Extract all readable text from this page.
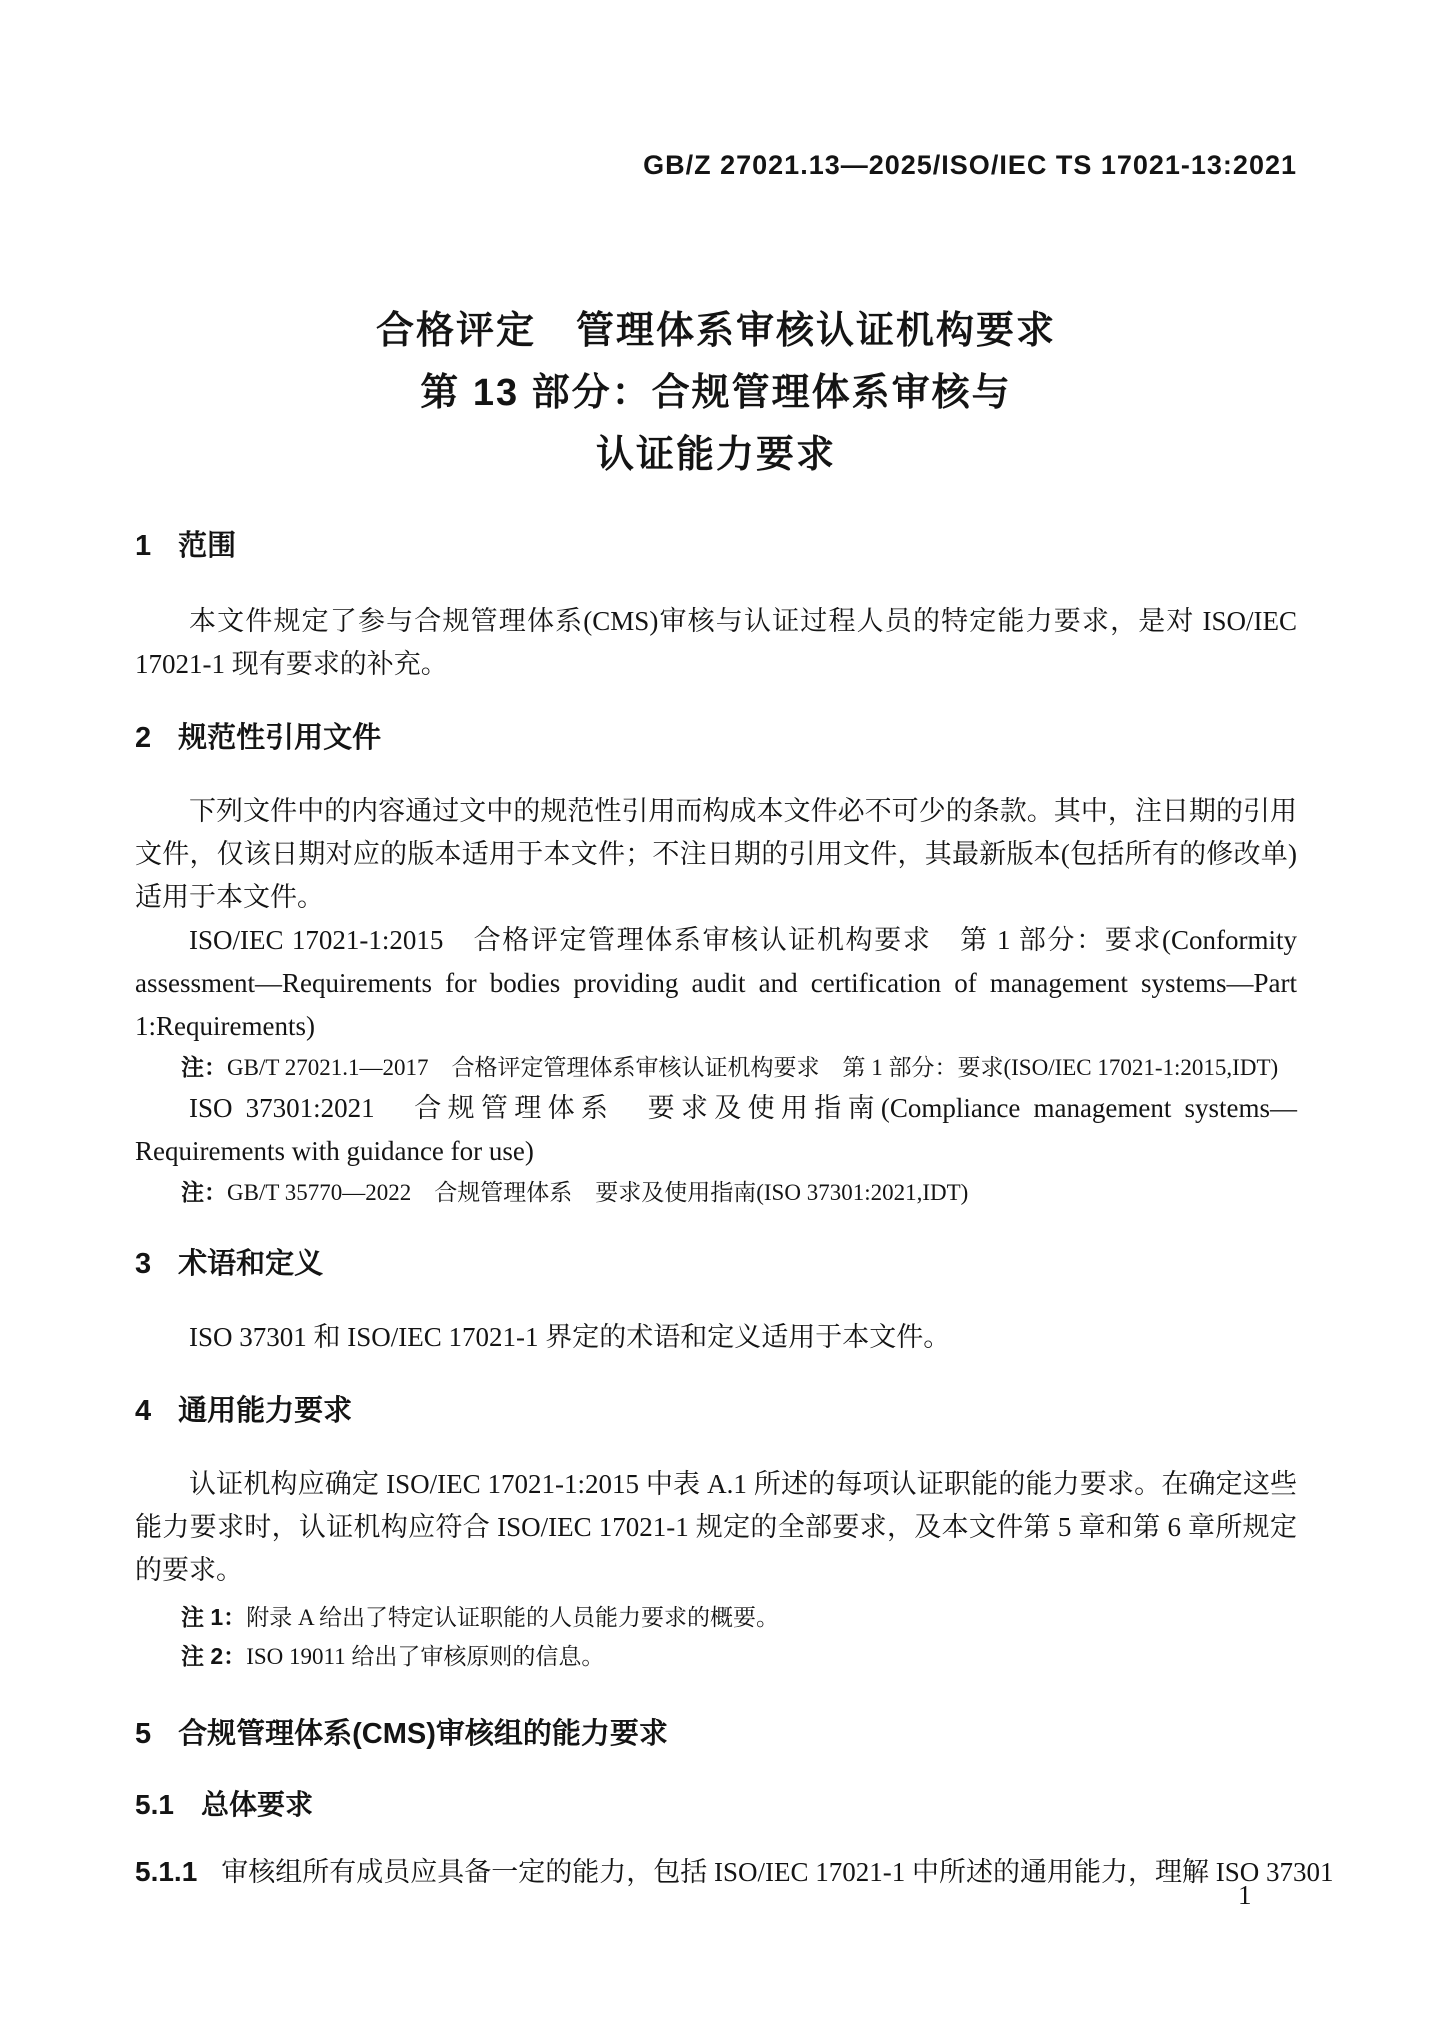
GB/Z 27021.13—2025/ISO/IEC TS 17021-13:2021
合格评定　管理体系审核认证机构要求
第 13 部分：合规管理体系审核与
认证能力要求
1 范围

本文件规定了参与合规管理体系(CMS)审核与认证过程人员的特定能力要求，是对 ISO/IEC 17021-1 现有要求的补充。

2 规范性引用文件

下列文件中的内容通过文中的规范性引用而构成本文件必不可少的条款。其中，注日期的引用文件，仅该日期对应的版本适用于本文件；不注日期的引用文件，其最新版本(包括所有的修改单)适用于本文件。

ISO/IEC 17021-1:2015　合格评定管理体系审核认证机构要求　第 1 部分：要求(Conformity assessment—Requirements for bodies providing audit and certification of management systems—Part 1:Requirements)

注：GB/T 27021.1—2017　合格评定管理体系审核认证机构要求　第 1 部分：要求(ISO/IEC 17021-1:2015,IDT)

ISO 37301:2021　合规管理体系　要求及使用指南(Compliance management systems—Requirements with guidance for use)

注：GB/T 35770—2022　合规管理体系　要求及使用指南(ISO 37301:2021,IDT)

3 术语和定义

ISO 37301 和 ISO/IEC 17021-1 界定的术语和定义适用于本文件。

4 通用能力要求

认证机构应确定 ISO/IEC 17021-1:2015 中表 A.1 所述的每项认证职能的能力要求。在确定这些能力要求时，认证机构应符合 ISO/IEC 17021-1 规定的全部要求，及本文件第 5 章和第 6 章所规定的要求。

注 1：附录 A 给出了特定认证职能的人员能力要求的概要。

注 2：ISO 19011 给出了审核原则的信息。

5 合规管理体系(CMS)审核组的能力要求
5.1 总体要求

5.1.1 审核组所有成员应具备一定的能力，包括 ISO/IEC 17021-1 中所述的通用能力，理解 ISO 37301

1
